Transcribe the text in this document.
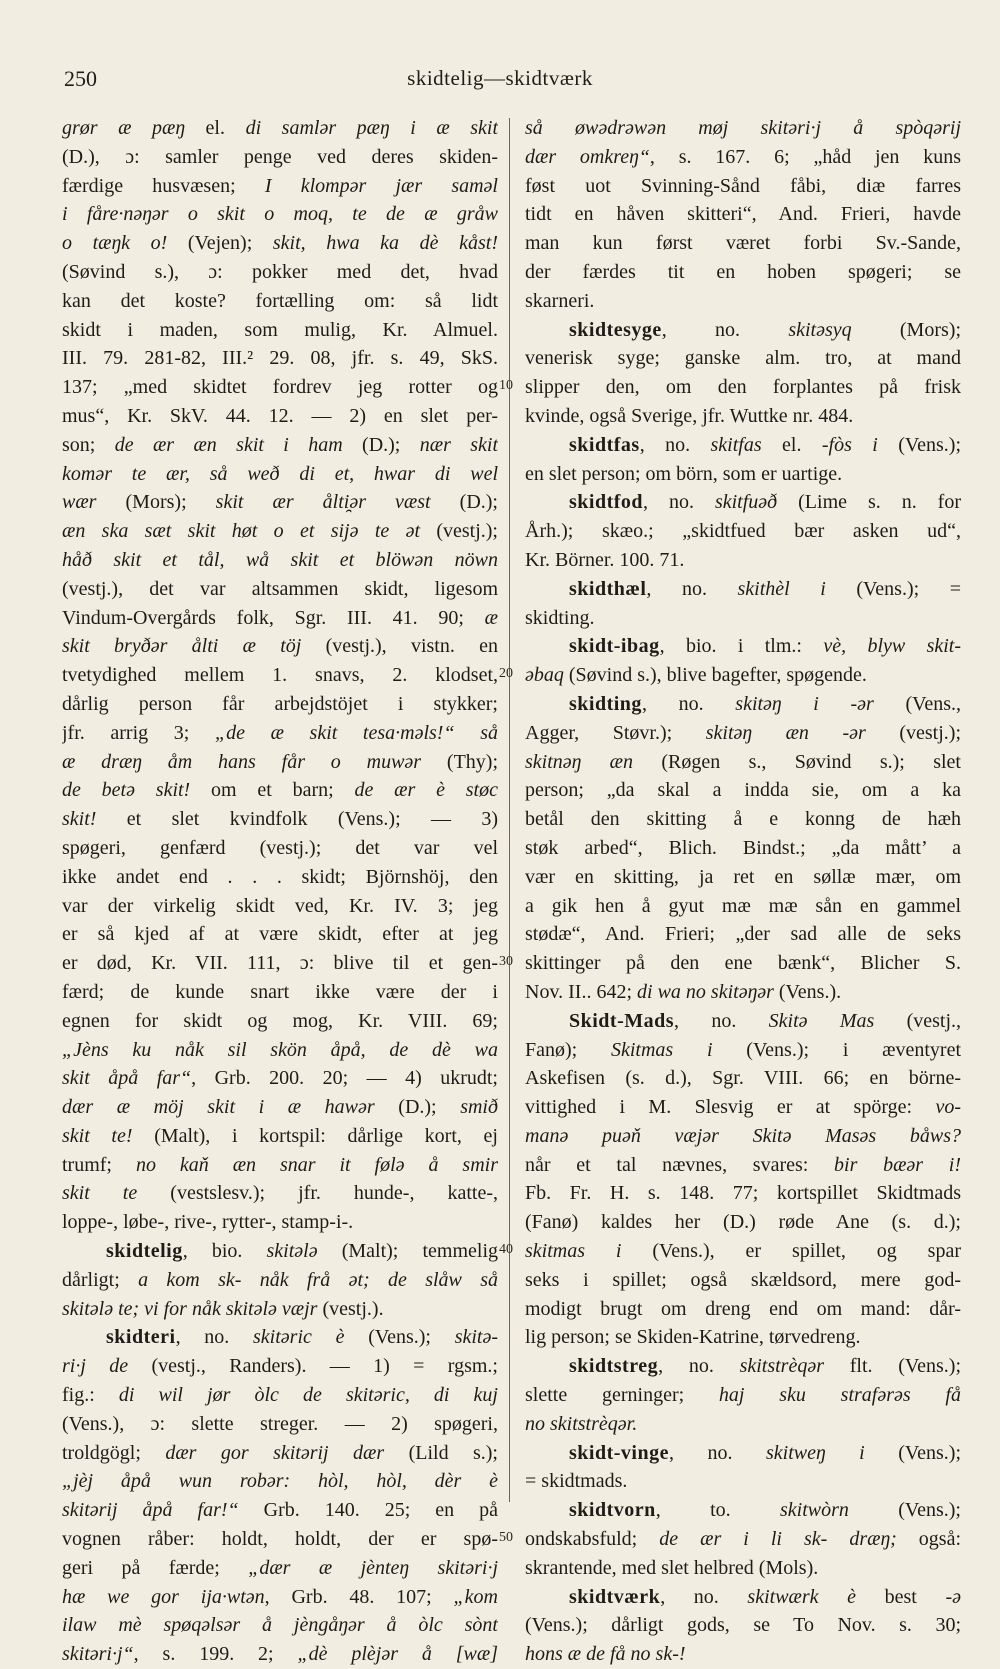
250	skidtelig—skidtværk
grør æ pæŋ el. di samlər pæŋ i æ skit
(D.), ɔ: samler penge ved deres skiden-
færdige husvæsen; I klompər jær saməl
i fåre·nəŋər o skit o moq, te de æ gråw
o tæŋk o! (Vejen); skit, hwa ka dè kåst!
(Søvind s.), ɔ: pokker med det, hvad
kan det koste? fortælling om: så lidt
skidt i maden, som mulig, Kr. Almuel.
III. 79. 281-82, III.² 29. 08, jfr. s. 49, SkS.
137; „med skidtet fordrev jeg rotter og
mus“, Kr. SkV. 44. 12. — 2) en slet per-
son; de ær æn skit i ham (D.); nær skit
komər te ær, så weð di et, hwar di wel
wær (Mors); skit ær ålti̯ər væst (D.);
æn ska sæt skit høt o et sijə te ət (vestj.);
håð skit et tål, wå skit et blöwən nöwn
(vestj.), det var altsammen skidt, ligesom
Vindum-Overgårds folk, Sgr. III. 41. 90; æ
skit bryðər ålti æ töj (vestj.), vistn. en
tvetydighed mellem 1. snavs, 2. klodset,
dårlig person får arbejdstöjet i stykker;
jfr. arrig 3; „de æ skit tesa·məls!“ så
æ dræŋ åm hans får o muwər (Thy);
de betə skit! om et barn; de ær è støc
skit! et slet kvindfolk (Vens.); — 3)
spøgeri, genfærd (vestj.); det var vel
ikke andet end . . . skidt; Björnshöj, den
var der virkelig skidt ved, Kr. IV. 3; jeg
er så kjed af at være skidt, efter at jeg
er død, Kr. VII. 111, ɔ: blive til et gen-
færd; de kunde snart ikke være der i
egnen for skidt og mog, Kr. VIII. 69;
„Jèns ku nåk sil skön åpå, de dè wa
skit åpå far“, Grb. 200. 20; — 4) ukrudt;
dær æ möj skit i æ hawər (D.); smið
skit te! (Malt), i kortspil: dårlige kort, ej
trumf; no kaň æn snar it følə å smir
skit te (vestslesv.); jfr. hunde-, katte-,
loppe-, løbe-, rive-, rytter-, stamp-i-.
skidtelig, bio. skitələ (Malt); temmelig
dårligt; a kom sk- nåk frå ət; de slåw så
skitələ te; vi for nåk skitələ væjr (vestj.).
skidteri, no. skitəric è (Vens.); skitə-
ri·j de (vestj., Randers). — 1) = rgsm.;
fig.: di wil jør òlc de skitəric, di kuj
(Vens.), ɔ: slette streger. — 2) spøgeri,
troldgögl; dær gor skitərij dær (Lild s.);
„jèj åpå wun robər: hòl, hòl, dèr è
skitərij åpå far!“ Grb. 140. 25; en på
vognen råber: holdt, holdt, der er spø-
geri på færde; „dær æ jènteŋ skitəri·j
hæ we gor ija·wtən, Grb. 48. 107; „kom
ilaw mè spøqəlsər å jèngåŋər å òlc sònt
skitəri·j“, s. 199. 2; „dè plèjər å [wæ]
så øwədrəwən møj skitəri·j å spòqərij
dær omkreŋ“, s. 167. 6; „håd jen kuns
føst uot Svinning-Sånd fåbi, diæ farres
tidt en håven skitteri“, And. Frieri, havde
man kun først været forbi Sv.-Sande,
der færdes tit en hoben spøgeri; se
skarneri.
skidtesyge, no. skitəsyq (Mors);
venerisk syge; ganske alm. tro, at mand
slipper den, om den forplantes på frisk
kvinde, også Sverige, jfr. Wuttke nr. 484.
skidtfas, no. skitfas el. -fòs i (Vens.);
en slet person; om börn, som er uartige.
skidtfod, no. skitfuəð (Lime s. n. for
Årh.); skæo.; „skidtfued bær asken ud“,
Kr. Börner. 100. 71.
skidthæl, no. skithèl i (Vens.); =
skidting.
skidt-ibag, bio. i tlm.: vè, blyw skit-
əbaq (Søvind s.), blive bagefter, spøgende.
skidting, no. skitəŋ i -ər (Vens.,
Agger, Støvr.); skitəŋ æn -ər (vestj.);
skitnəŋ æn (Røgen s., Søvind s.); slet
person; „da skal a indda sie, om a ka
betål den skitting å e konng de hæh
støk arbed“, Blich. Bindst.; „da mått’ a
vær en skitting, ja ret en søllæ mær, om
a gik hen å gyut mæ mæ sån en gammel
stødæ“, And. Frieri; „der sad alle de seks
skittinger på den ene bænk“, Blicher S.
Nov. II.. 642; di wa no skitəŋər (Vens.).
Skidt-Mads, no. Skitə Mas (vestj.,
Fanø); Skitmas i (Vens.); i æventyret
Askefisen (s. d.), Sgr. VIII. 66; en börne-
vittighed i M. Slesvig er at spörge: vo-
manə puəň væjər Skitə Masəs båws?
når et tal nævnes, svares: bir bæər i!
Fb. Fr. H. s. 148. 77; kortspillet Skidtmads
(Fanø) kaldes her (D.) røde Ane (s. d.);
skitmas i (Vens.), er spillet, og spar
seks i spillet; også skældsord, mere god-
modigt brugt om dreng end om mand: dår-
lig person; se Skiden-Katrine, tørvedreng.
skidtstreg, no. skitstrèqər flt. (Vens.);
slette gerninger; haj sku strafərəs få
no skitstrèqər.
skidt-vinge, no. skitweŋ i (Vens.);
= skidtmads.
skidtvorn, to. skitwòrn (Vens.);
ondskabsfuld; de ær i li sk- dræŋ; også:
skrantende, med slet helbred (Mols).
skidtværk, no. skitwærk è best -ə
(Vens.); dårligt gods, se To Nov. s. 30;
hons æ de få no sk-!
10
20
30
40
50
